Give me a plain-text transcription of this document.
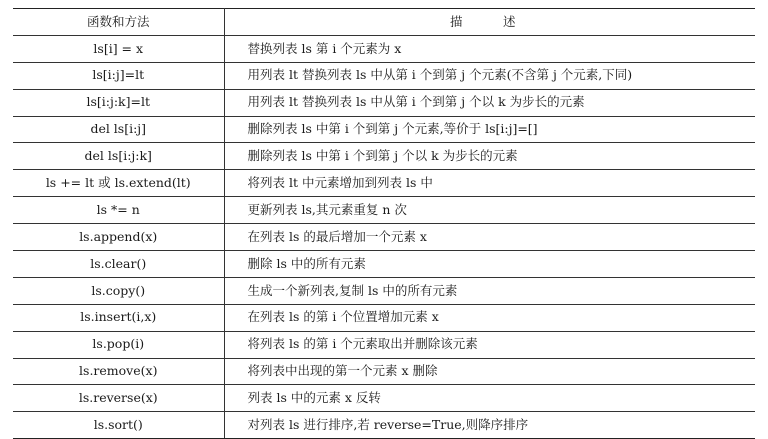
函数和方法	描　述
ls[i] = x	替换列表 ls 第 i 个元素为 x
ls[i:j]=lt	用列表 lt 替换列表 ls 中从第 i 个到第 j 个元素(不含第 j 个元素,下同)
ls[i:j:k]=lt	用列表 lt 替换列表 ls 中从第 i 个到第 j 个以 k 为步长的元素
del ls[i:j]	删除列表 ls 中第 i 个到第 j 个元素,等价于 ls[i:j]=[]
del ls[i:j:k]	删除列表 ls 中第 i 个到第 j 个以 k 为步长的元素
ls += lt 或 ls.extend(lt)	将列表 lt 中元素增加到列表 ls 中
ls *= n	更新列表 ls,其元素重复 n 次
ls.append(x)	在列表 ls 的最后增加一个元素 x
ls.clear()	删除 ls 中的所有元素
ls.copy()	生成一个新列表,复制 ls 中的所有元素
ls.insert(i,x)	在列表 ls 的第 i 个位置增加元素 x
ls.pop(i)	将列表 ls 的第 i 个元素取出并删除该元素
ls.remove(x)	将列表中出现的第一个元素 x 删除
ls.reverse(x)	列表 ls 中的元素 x 反转
ls.sort()	对列表 ls 进行排序,若 reverse=True,则降序排序
